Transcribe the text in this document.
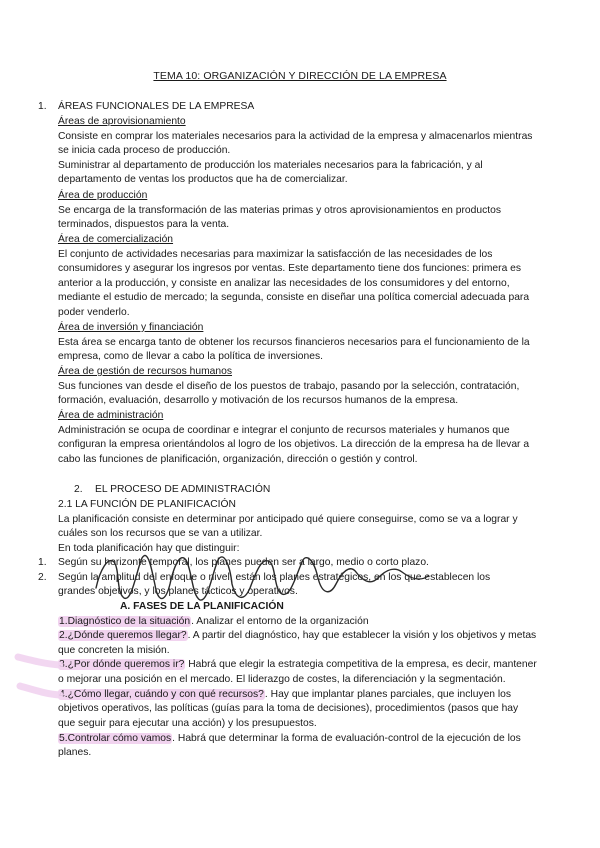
TEMA 10: ORGANIZACIÓN Y DIRECCIÓN DE LA EMPRESA
1. ÁREAS FUNCIONALES DE LA EMPRESA
Áreas de aprovisionamiento
Consiste en comprar los materiales necesarios para la actividad de la empresa y almacenarlos mientras
se inicia cada proceso de producción.
Suministrar al departamento de producción los materiales necesarios para la fabricación, y al
departamento de ventas los productos que ha de comercializar.
Área de producción
Se encarga de la transformación de las materias primas y otros aprovisionamientos en productos
terminados, dispuestos para la venta.
Área de comercialización
El conjunto de actividades necesarias para maximizar la satisfacción de las necesidades de los
consumidores y asegurar los ingresos por ventas. Este departamento tiene dos funciones: primera es
anterior a la producción, y consiste en analizar las necesidades de los consumidores y del entorno,
mediante el estudio de mercado; la segunda, consiste en diseñar una política comercial adecuada para
poder venderlo.
Área de inversión y financiación
Esta área se encarga tanto de obtener los recursos financieros necesarios para el funcionamiento de la
empresa, como de llevar a cabo la política de inversiones.
Área de gestión de recursos humanos
Sus funciones van desde el diseño de los puestos de trabajo, pasando por la selección, contratación,
formación, evaluación, desarrollo y motivación de los recursos humanos de la empresa.
Área de administración
Administración se ocupa de coordinar e integrar el conjunto de recursos materiales y humanos que
configuran la empresa orientándolos al logro de los objetivos. La dirección de la empresa ha de llevar a
cabo las funciones de planificación, organización, dirección o gestión y control.
2. EL PROCESO DE ADMINISTRACIÓN
2.1 LA FUNCIÓN DE PLANIFICACIÓN
La planificación consiste en determinar por anticipado qué quiere conseguirse, como se va a lograr y
cuáles son los recursos que se van a utilizar.
En toda planificación hay que distinguir:
1. Según su horizonte temporal, los planes pueden ser a largo, medio o corto plazo.
2. Según la amplitud del enfoque o nivel, están los planes estratégicos, en los que establecen los
grandes objetivos, y los planes tácticos y operativos.
A. FASES DE LA PLANIFICACIÓN
1.Diagnóstico de la situación. Analizar el entorno de la organización
2.¿Dónde queremos llegar?. A partir del diagnóstico, hay que establecer la visión y los objetivos y metas
que concreten la misión.
3.¿Por dónde queremos ir? Habrá que elegir la estrategia competitiva de la empresa, es decir, mantener
o mejorar una posición en el mercado. El liderazgo de costes, la diferenciación y la segmentación.
4.¿Cómo llegar, cuándo y con qué recursos?. Hay que implantar planes parciales, que incluyen los
objetivos operativos, las políticas (guías para la toma de decisiones), procedimientos (pasos que hay
que seguir para ejecutar una acción) y los presupuestos.
5.Controlar cómo vamos. Habrá que determinar la forma de evaluación-control de la ejecución de los
planes.
